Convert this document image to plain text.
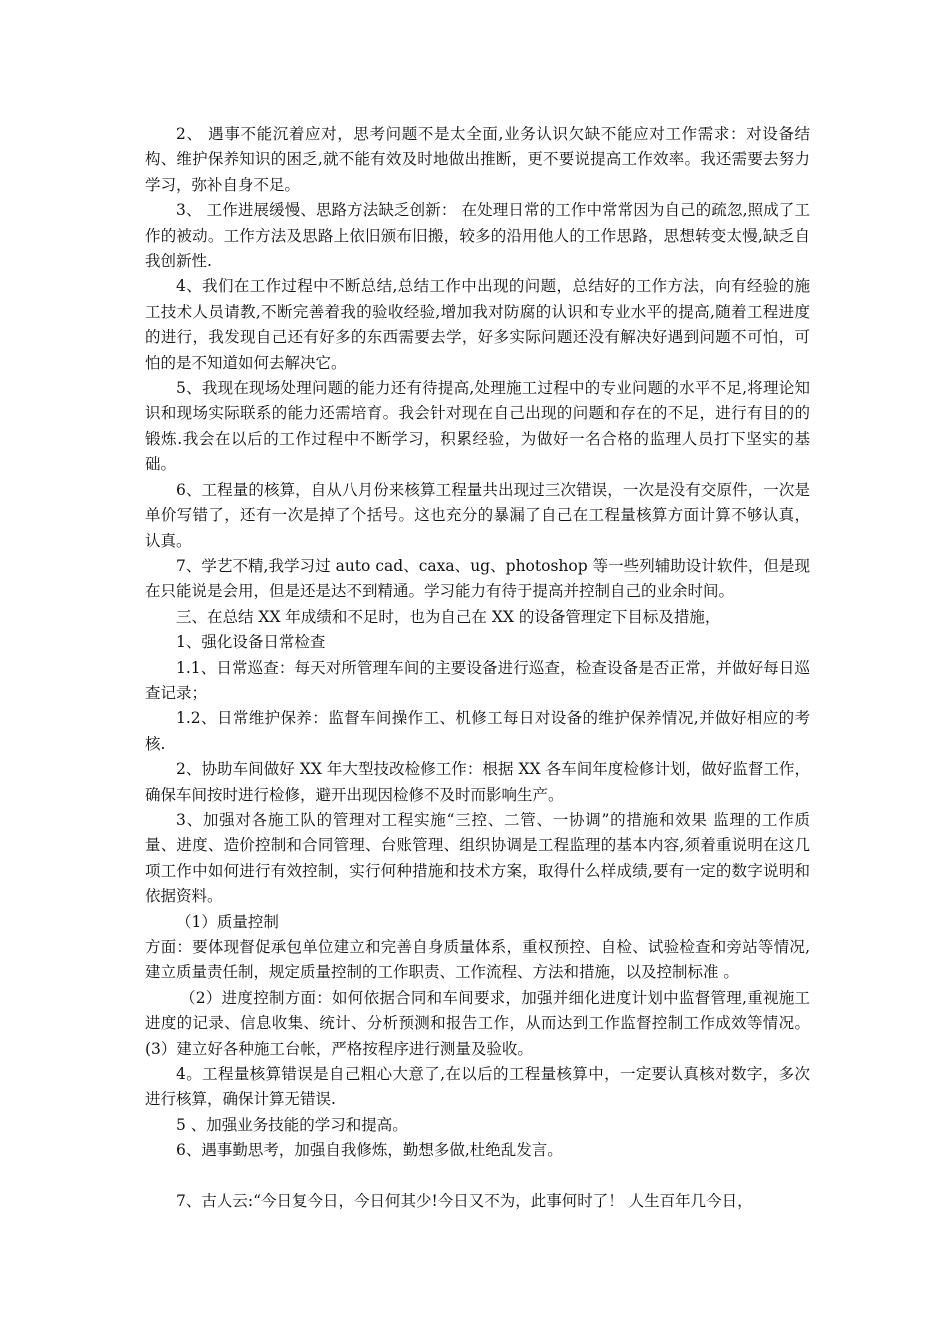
2、 遇事不能沉着应对，思考问题不是太全面,业务认识欠缺不能应对工作需求：对设备结构、维护保养知识的困乏,就不能有效及时地做出推断，更不要说提高工作效率。我还需要去努力学习，弥补自身不足。

3、 工作进展缓慢、思路方法缺乏创新： 在处理日常的工作中常常因为自己的疏忽,照成了工作的被动。工作方法及思路上依旧颁布旧搬，较多的沿用他人的工作思路，思想转变太慢,缺乏自我创新性.

4、我们在工作过程中不断总结,总结工作中出现的问题，总结好的工作方法，向有经验的施工技术人员请教,不断完善着我的验收经验,增加我对防腐的认识和专业水平的提高,随着工程进度的进行，我发现自己还有好多的东西需要去学，好多实际问题还没有解决好遇到问题不可怕，可怕的是不知道如何去解决它。

5、我现在现场处理问题的能力还有待提高,处理施工过程中的专业问题的水平不足,将理论知识和现场实际联系的能力还需培育。我会针对现在自己出现的问题和存在的不足，进行有目的的锻炼.我会在以后的工作过程中不断学习，积累经验，为做好一名合格的监理人员打下坚实的基础。

6、工程量的核算，自从八月份来核算工程量共出现过三次错误，一次是没有交原件，一次是单价写错了，还有一次是掉了个括号。这也充分的暴漏了自己在工程量核算方面计算不够认真，认真。

7、学艺不精,我学习过 auto cad、caxa、ug、photoshop 等一些列辅助设计软件，但是现在只能说是会用，但是还是达不到精通。学习能力有待于提高并控制自己的业余时间。

三、在总结 XX 年成绩和不足时，也为自己在 XX 的设备管理定下目标及措施，

1、强化设备日常检查

1.1、日常巡查：每天对所管理车间的主要设备进行巡查，检查设备是否正常，并做好每日巡查记录；

1.2、日常维护保养：监督车间操作工、机修工每日对设备的维护保养情况,并做好相应的考核.

2、协助车间做好 XX 年大型技改检修工作：根据 XX 各车间年度检修计划，做好监督工作，确保车间按时进行检修，避开出现因检修不及时而影响生产。

3、加强对各施工队的管理对工程实施“三控、二管、一协调”的措施和效果 监理的工作质量、进度、造价控制和合同管理、台账管理、组织协调是工程监理的基本内容,须着重说明在这几项工作中如何进行有效控制，实行何种措施和技术方案，取得什么样成绩,要有一定的数字说明和依据资料。

（1）质量控制

方面：要体现督促承包单位建立和完善自身质量体系，重权预控、自检、试验检查和旁站等情况,建立质量责任制，规定质量控制的工作职责、工作流程、方法和措施，以及控制标准 。

（2）进度控制方面：如何依据合同和车间要求，加强并细化进度计划中监督管理,重视施工进度的记录、信息收集、统计、分析预测和报告工作，从而达到工作监督控制工作成效等情况。(3）建立好各种施工台帐，严格按程序进行测量及验收。

4。工程量核算错误是自己粗心大意了,在以后的工程量核算中，一定要认真核对数字，多次进行核算，确保计算无错误.

5 、加强业务技能的学习和提高。

6、遇事勤思考，加强自我修炼，勤想多做,杜绝乱发言。

7、古人云:“今日复今日，今日何其少!今日又不为，此事何时了！ 人生百年几今日，
